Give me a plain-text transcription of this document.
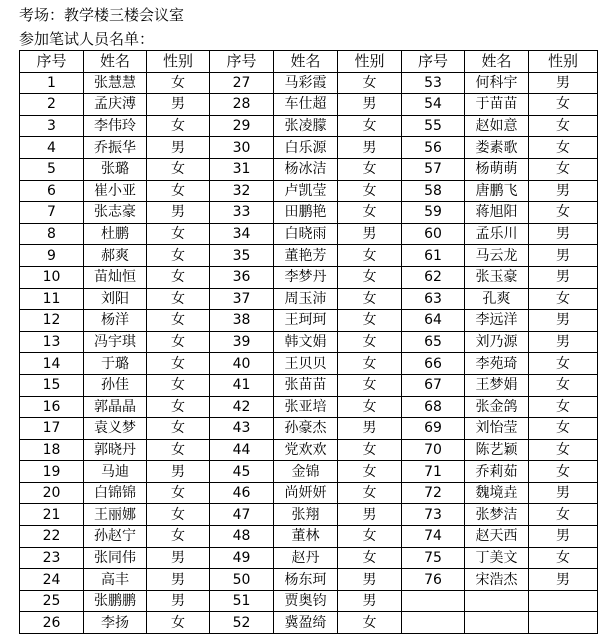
考场：教学楼三楼会议室
参加笔试人员名单：
序号	姓名	性别	序号	姓名	性别	序号	姓名	性别
1	张慧慧	女	27	马彩霞	女	53	何科宇	男
2	孟庆溥	男	28	车仕超	男	54	于苗苗	女
3	李伟玲	女	29	张凌朦	女	55	赵如意	女
4	乔振华	男	30	白乐源	男	56	娄素歌	女
5	张璐	女	31	杨冰洁	女	57	杨萌萌	女
6	崔小亚	女	32	卢凯莹	女	58	唐鹏飞	男
7	张志豪	男	33	田鹏艳	女	59	蒋旭阳	女
8	杜鹏	女	34	白晓雨	男	60	孟乐川	男
9	郝爽	女	35	董艳芳	女	61	马云龙	男
10	苗灿恒	女	36	李梦丹	女	62	张玉豪	男
11	刘阳	女	37	周玉沛	女	63	孔爽	女
12	杨洋	女	38	王珂珂	女	64	李远洋	男
13	冯宇琪	女	39	韩文娟	女	65	刘乃源	男
14	于璐	女	40	王贝贝	女	66	李苑琦	女
15	孙佳	女	41	张苗苗	女	67	王梦娟	女
16	郭晶晶	女	42	张亚培	女	68	张金鸽	女
17	袁义梦	女	43	孙豪杰	男	69	刘怡莹	女
18	郭晓丹	女	44	党欢欢	女	70	陈艺颖	女
19	马迪	男	45	金锦	女	71	乔莉茹	女
20	白锦锦	女	46	尚妍妍	女	72	魏境垚	男
21	王丽娜	女	47	张翔	男	73	张梦洁	女
22	孙赵宁	女	48	董林	女	74	赵天西	男
23	张同伟	男	49	赵丹	女	75	丁美文	女
24	高丰	男	50	杨东珂	男	76	宋浩杰	男
25	张鹏鹏	男	51	贾奥钧	男			
26	李扬	女	52	冀盈绮	女			
